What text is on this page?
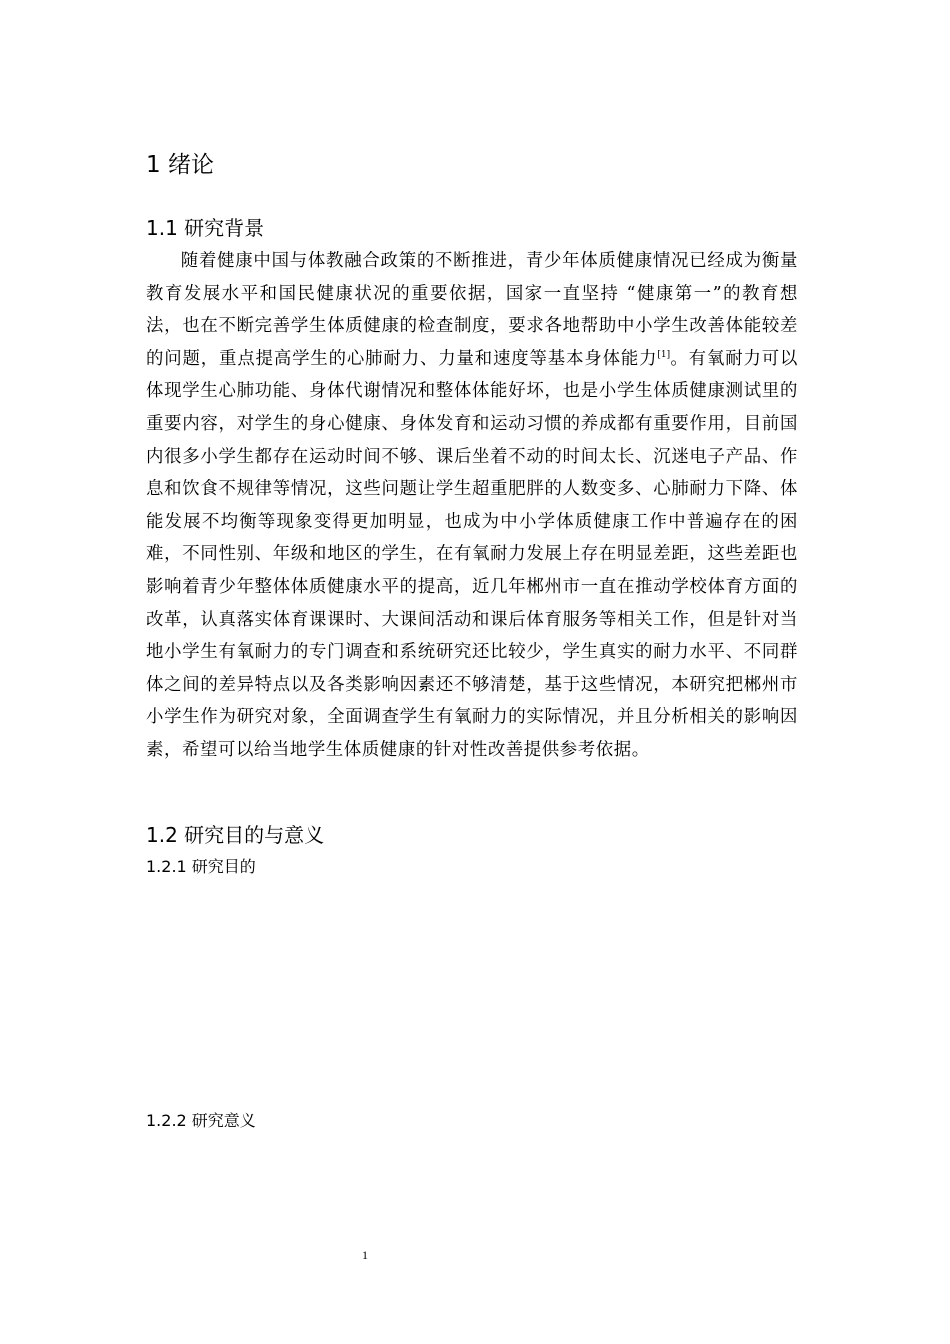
1 绪论
1.1 研究背景

随着健康中国与体教融合政策的不断推进，青少年体质健康情况已经成为衡量教育发展水平和国民健康状况的重要依据，国家一直坚持 “健康第一”的教育想法，也在不断完善学生体质健康的检查制度，要求各地帮助中小学生改善体能较差的问题，重点提高学生的心肺耐力、力量和速度等基本身体能力[1]。有氧耐力可以体现学生心肺功能、身体代谢情况和整体体能好坏，也是小学生体质健康测试里的重要内容，对学生的身心健康、身体发育和运动习惯的养成都有重要作用，目前国内很多小学生都存在运动时间不够、课后坐着不动的时间太长、沉迷电子产品、作息和饮食不规律等情况，这些问题让学生超重肥胖的人数变多、心肺耐力下降、体能发展不均衡等现象变得更加明显，也成为中小学体质健康工作中普遍存在的困难，不同性别、年级和地区的学生，在有氧耐力发展上存在明显差距，这些差距也影响着青少年整体体质健康水平的提高，近几年郴州市一直在推动学校体育方面的改革，认真落实体育课课时、大课间活动和课后体育服务等相关工作，但是针对当地小学生有氧耐力的专门调查和系统研究还比较少，学生真实的耐力水平、不同群体之间的差异特点以及各类影响因素还不够清楚，基于这些情况，本研究把郴州市小学生作为研究对象，全面调查学生有氧耐力的实际情况，并且分析相关的影响因素，希望可以给当地学生体质健康的针对性改善提供参考依据。

1.2 研究目的与意义
1.2.1 研究目的
1.2.2 研究意义
1
